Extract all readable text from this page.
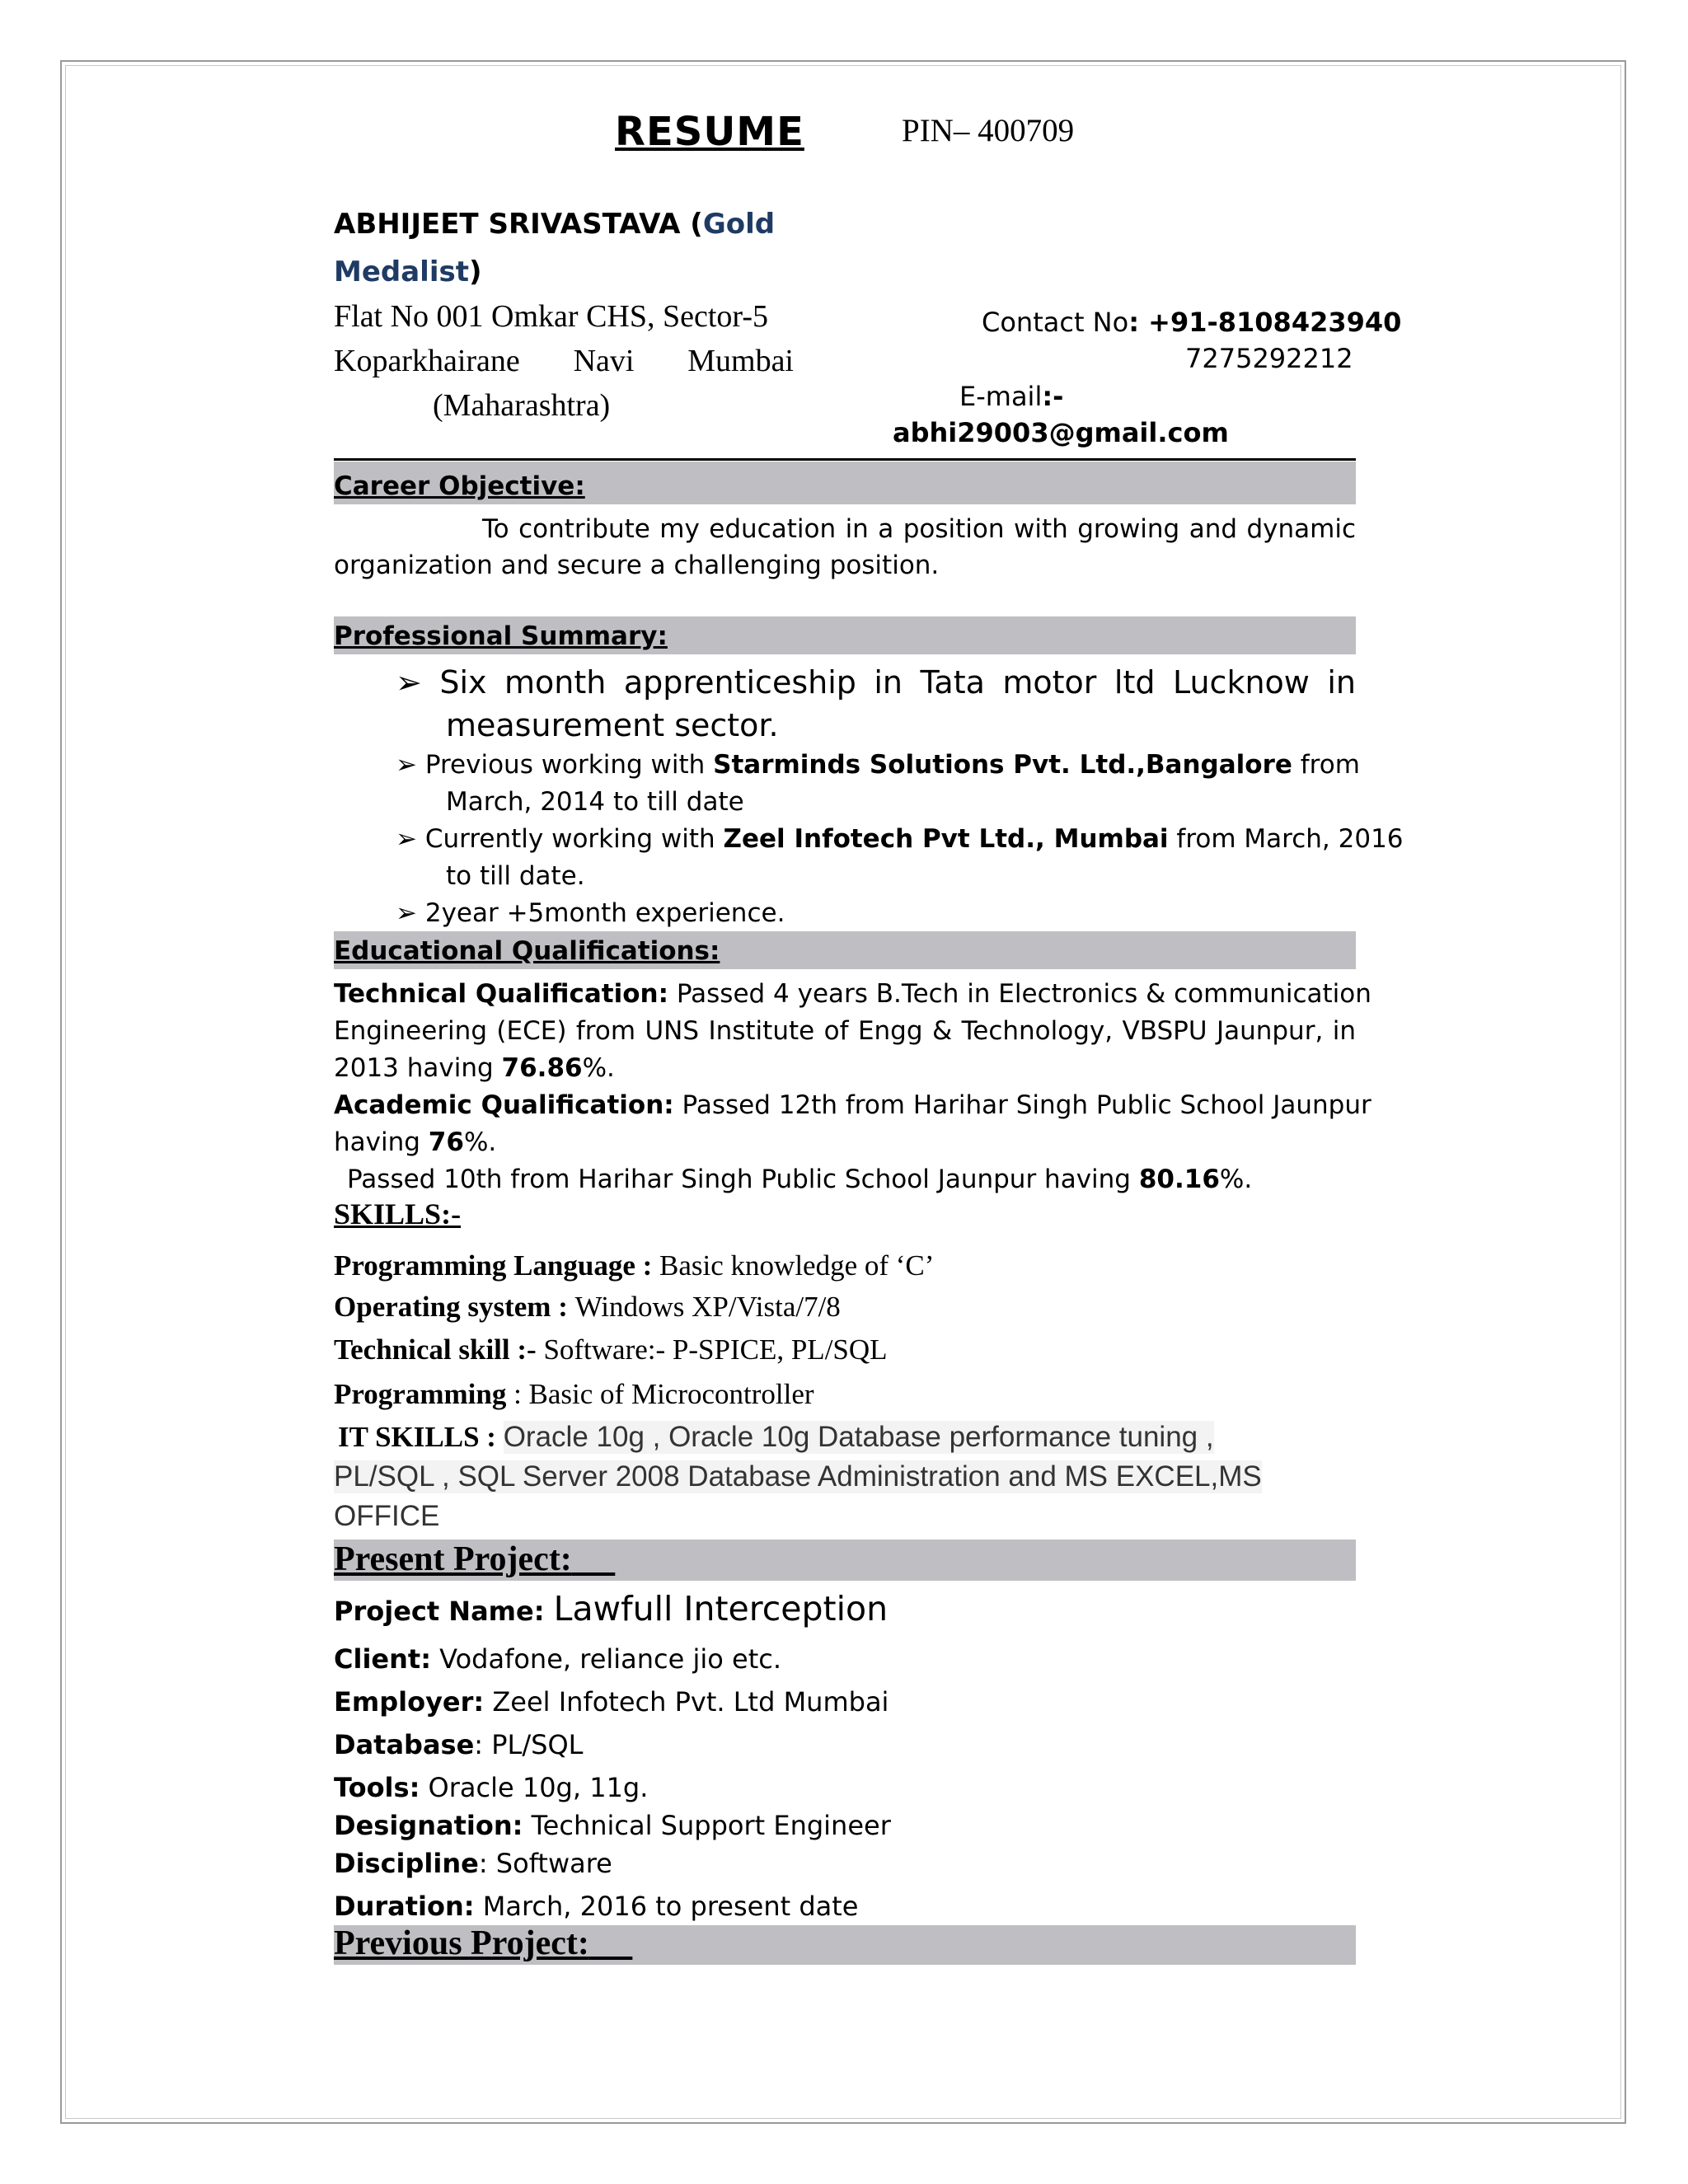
RESUME	PIN– 400709
ABHIJEET SRIVASTAVA (Gold
Medalist)
Flat No 001 Omkar CHS, Sector-5
Koparkhairane Navi Mumbai
(Maharashtra)
Contact No: +91-8108423940
7275292212
E-mail:-
abhi29003@gmail.com
Career Objective:
To contribute my education in a position with growing and dynamic
organization and secure a challenging position.
Professional Summary:
➢ Six month apprenticeship in Tata motor ltd Lucknow in
measurement sector.
➢ Previous working with Starminds Solutions Pvt. Ltd.,Bangalore from
March, 2014 to till date
➢ Currently working with Zeel Infotech Pvt Ltd., Mumbai from March, 2016
to till date.
➢ 2year +5month experience.
Educational Qualifications:
Technical Qualification: Passed 4 years B.Tech in Electronics & communication
Engineering (ECE) from UNS Institute of Engg & Technology, VBSPU Jaunpur, in
2013 having 76.86%.
Academic Qualification: Passed 12th from Harihar Singh Public School Jaunpur
having 76%.
Passed 10th from Harihar Singh Public School Jaunpur having 80.16%.
SKILLS:-
Programming Language : Basic knowledge of ‘C’
Operating system : Windows XP/Vista/7/8
Technical skill :- Software:- P-SPICE, PL/SQL
Programming : Basic of Microcontroller
IT SKILLS : Oracle 10g , Oracle 10g Database performance tuning ,
PL/SQL , SQL Server 2008 Database Administration and MS EXCEL,MS
OFFICE
Present Project:
Project Name: Lawfull Interception
Client: Vodafone, reliance jio etc.
Employer: Zeel Infotech Pvt. Ltd Mumbai
Database: PL/SQL
Tools: Oracle 10g, 11g.
Designation: Technical Support Engineer
Discipline: Software
Duration: March, 2016 to present date
Previous Project:
